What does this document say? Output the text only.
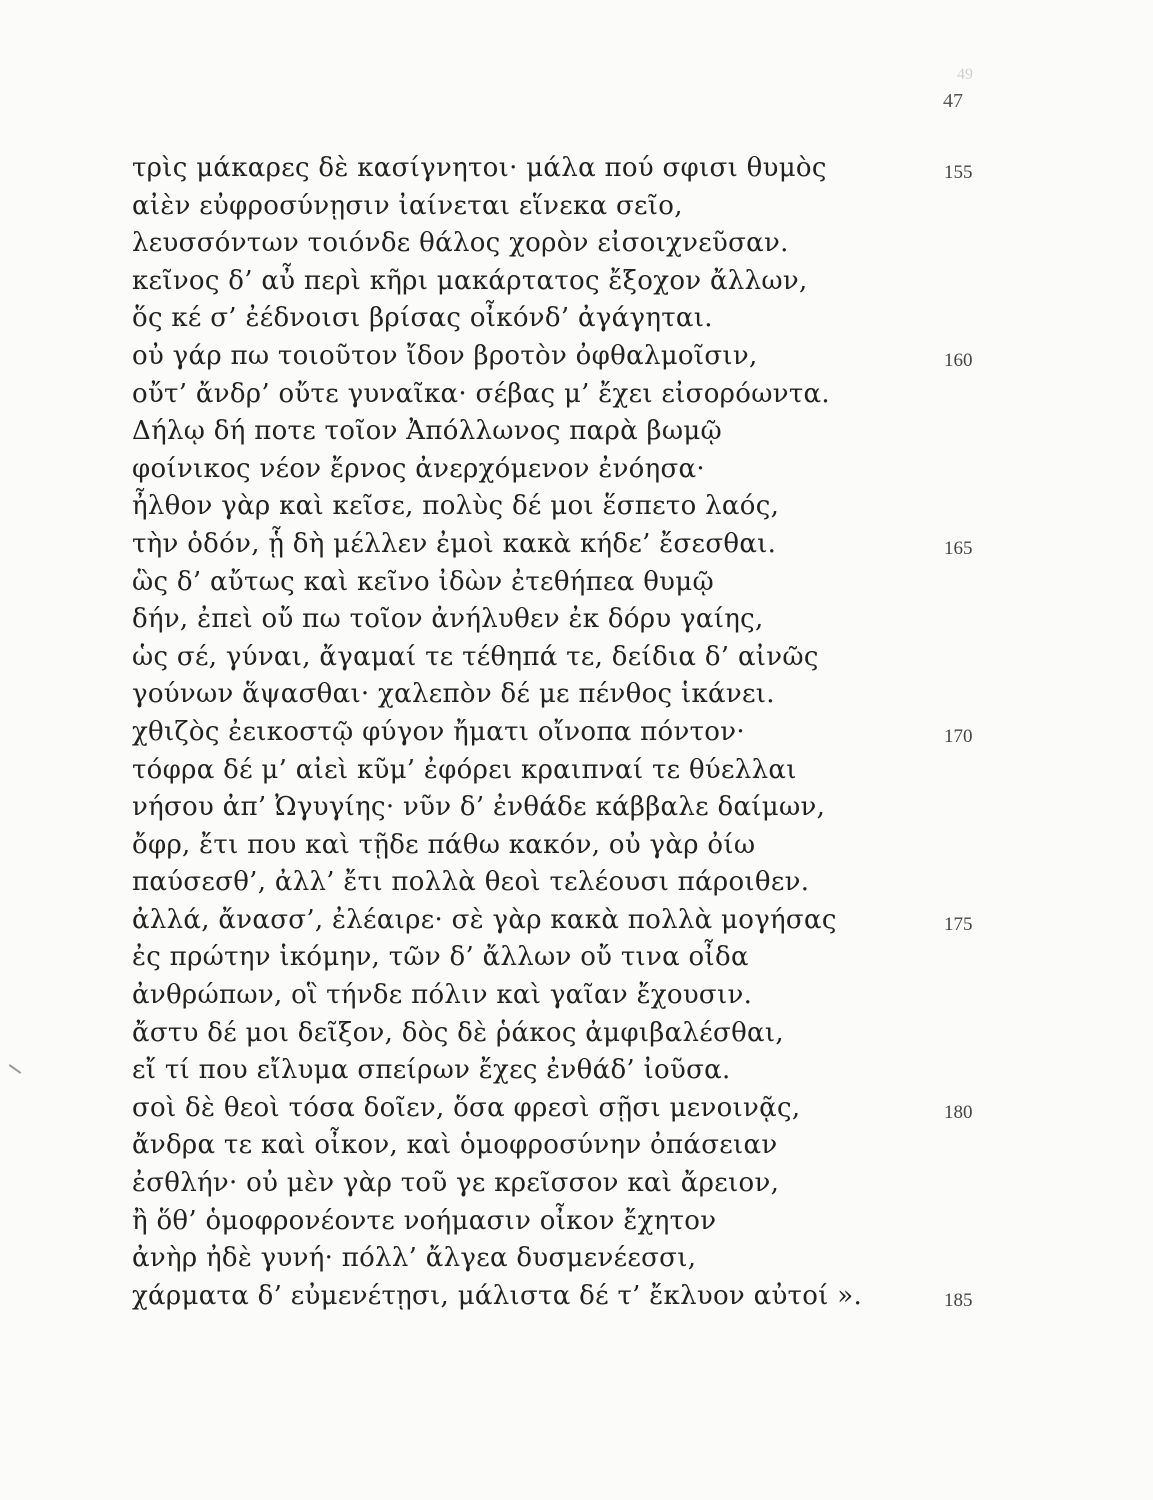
49
47
τρὶς μάκαρες δὲ κασίγνητοι· μάλα πού σφισι θυμὸς	155
αἰὲν εὐφροσύνῃσιν ἰαίνεται εἵνεκα σεῖο,
λευσσόντων τοιόνδε θάλος χορὸν εἰσοιχνεῦσαν.
κεῖνος δ’ αὖ περὶ κῆρι μακάρτατος ἔξοχον ἄλλων,
ὅς κέ σ’ ἐέδνοισι βρίσας οἶκόνδ’ ἀγάγηται.
οὐ γάρ πω τοιοῦτον ἴδον βροτὸν ὀφθαλμοῖσιν,	160
οὔτ’ ἄνδρ’ οὔτε γυναῖκα· σέβας μ’ ἔχει εἰσορόωντα.
Δήλῳ δή ποτε τοῖον Ἀπόλλωνος παρὰ βωμῷ
φοίνικος νέον ἔρνος ἀνερχόμενον ἐνόησα·
ἦλθον γὰρ καὶ κεῖσε, πολὺς δέ μοι ἕσπετο λαός,
τὴν ὁδόν, ᾗ δὴ μέλλεν ἐμοὶ κακὰ κήδε’ ἔσεσθαι.	165
ὣς δ’ αὔτως καὶ κεῖνο ἰδὼν ἐτεθήπεα θυμῷ
δήν, ἐπεὶ οὔ πω τοῖον ἀνήλυθεν ἐκ δόρυ γαίης,
ὡς σέ, γύναι, ἄγαμαί τε τέθηπά τε, δείδια δ’ αἰνῶς
γούνων ἅψασθαι· χαλεπὸν δέ με πένθος ἱκάνει.
χθιζὸς ἐεικοστῷ φύγον ἤματι οἴνοπα πόντον·	170
τόφρα δέ μ’ αἰεὶ κῦμ’ ἐφόρει κραιπναί τε θύελλαι
νήσου ἀπ’ Ὠγυγίης· νῦν δ’ ἐνθάδε κάββαλε δαίμων,
ὄφρ, ἔτι που καὶ τῇδε πάθω κακόν, οὐ γὰρ ὀίω
παύσεσθ’, ἀλλ’ ἔτι πολλὰ θεοὶ τελέουσι πάροιθεν.
ἀλλά, ἄνασσ’, ἐλέαιρε· σὲ γὰρ κακὰ πολλὰ μογήσας	175
ἐς πρώτην ἱκόμην, τῶν δ’ ἄλλων οὔ τινα οἶδα
ἀνθρώπων, οἳ τήνδε πόλιν καὶ γαῖαν ἔχουσιν.
ἄστυ δέ μοι δεῖξον, δὸς δὲ ῥάκος ἀμφιβαλέσθαι,
εἴ τί που εἴλυμα σπείρων ἔχες ἐνθάδ’ ἰοῦσα.
σοὶ δὲ θεοὶ τόσα δοῖεν, ὅσα φρεσὶ σῇσι μενοινᾷς,	180
ἄνδρα τε καὶ οἶκον, καὶ ὁμοφροσύνην ὀπάσειαν
ἐσθλήν· οὐ μὲν γὰρ τοῦ γε κρεῖσσον καὶ ἄρειον,
ἢ ὅθ’ ὁμοφρονέοντε νοήμασιν οἶκον ἔχητον
ἀνὴρ ἠδὲ γυνή· πόλλ’ ἄλγεα δυσμενέεσσι,
χάρματα δ’ εὐμενέτῃσι, μάλιστα δέ τ’ ἔκλυον αὐτοί ».	185
